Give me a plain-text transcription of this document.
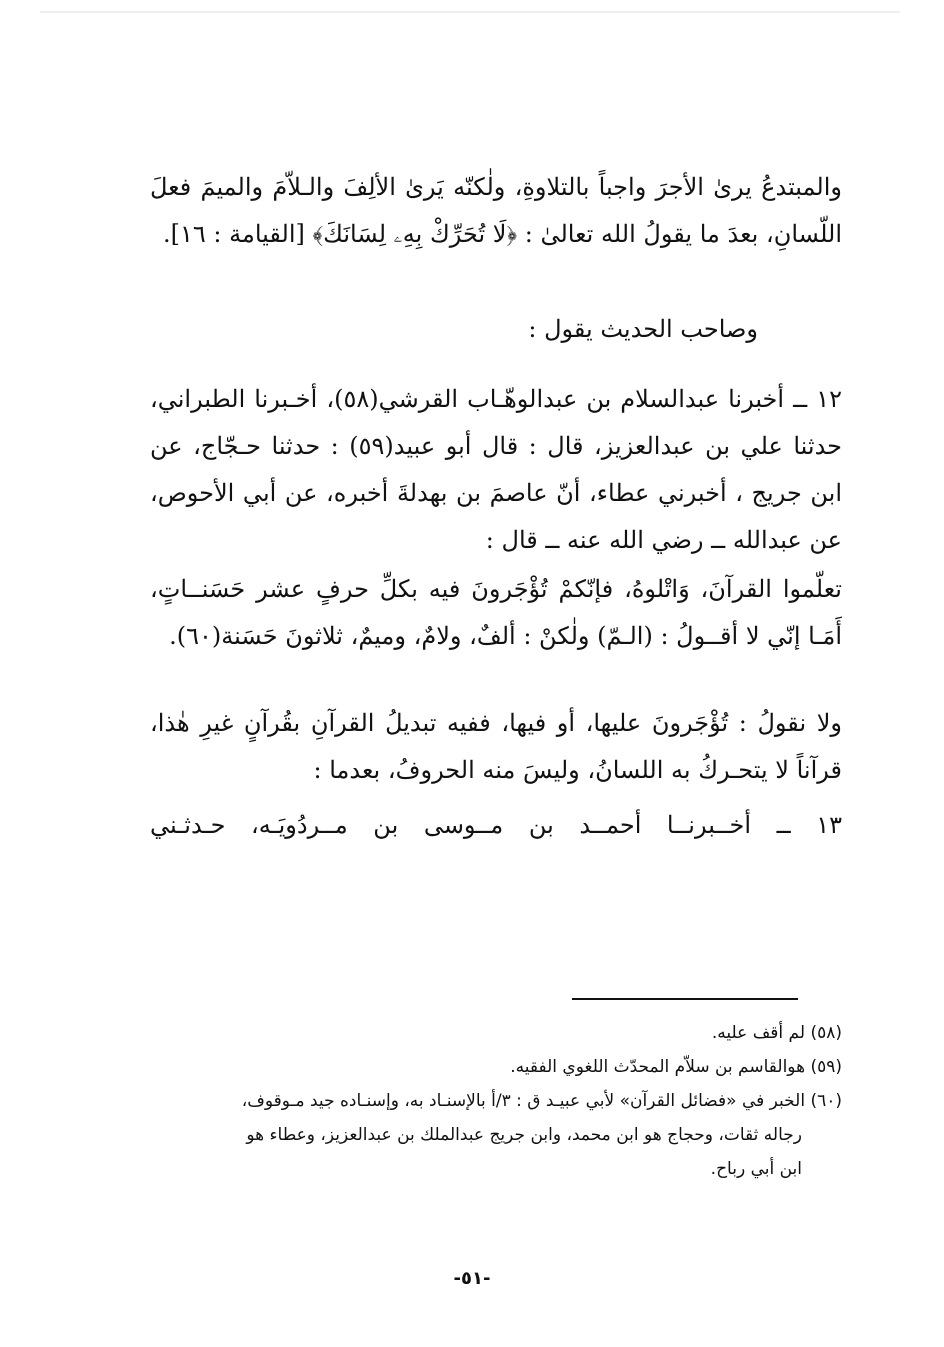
والمبتدعُ يرىٰ الأجرَ واجباً بالتلاوةِ، ولٰكنّه يَرىٰ الألِفَ والـلاّمَ والميمَ فعلَ اللّسانِ، بعدَ ما يقولُ الله تعالىٰ : ﴿لَا تُحَرِّكْ بِهِۦ لِسَانَكَ﴾ [القيامة : ١٦].
وصاحب الحديث يقول :
١٢ ــ أخبرنا عبدالسلام بن عبدالوهّـاب القرشي(٥٨)، أخـبرنا الطبراني، حدثنا علي بن عبدالعزيز، قال : قال أبو عبيد(٥٩) : حدثنا حـجّاج، عن ابن جريج ، أخبرني عطاء، أنّ عاصمَ بن بهدلةَ أخبره، عن أبي الأحوص، عن عبدالله ــ رضي الله عنه ــ قال :
تعلّموا القرآنَ، وَاتْلوهُ، فإنّكمْ تُؤْجَرونَ فيه بكلِّ حرفٍ عشر حَسَنــاتٍ، أَمَـا إنّي لا أقــولُ : (الـمّ) ولٰكنْ : ألفٌ، ولامٌ، وميمٌ، ثلاثونَ حَسَنة(٦٠).
ولا نقولُ : تُؤْجَرونَ عليها، أو فيها، ففيه تبديلُ القرآنِ بقُرآنٍ غيرِ هٰذا، قرآناً لا يتحـركُ به اللسانُ، وليسَ منه الحروفُ، بعدما :
١٣ ــ أخــبرنــا أحمــد بن مــوسى بن مــردُويَـه، حـدثـني
(٥٨) لم أقف عليه.
(٥٩) هوالقاسم بن سلاّم المحدّث اللغوي الفقيه.
(٦٠) الخبر في «فضائل القرآن» لأبي عبيـد ق : ٣/أ بالإسنـاد به، وإسنـاده جيد مـوقوف،
رجاله ثقات، وحجاج هو ابن محمد، وابن جريج عبدالملك بن عبدالعزيز، وعطاء هو
ابن أبي رباح.
-٥١-
